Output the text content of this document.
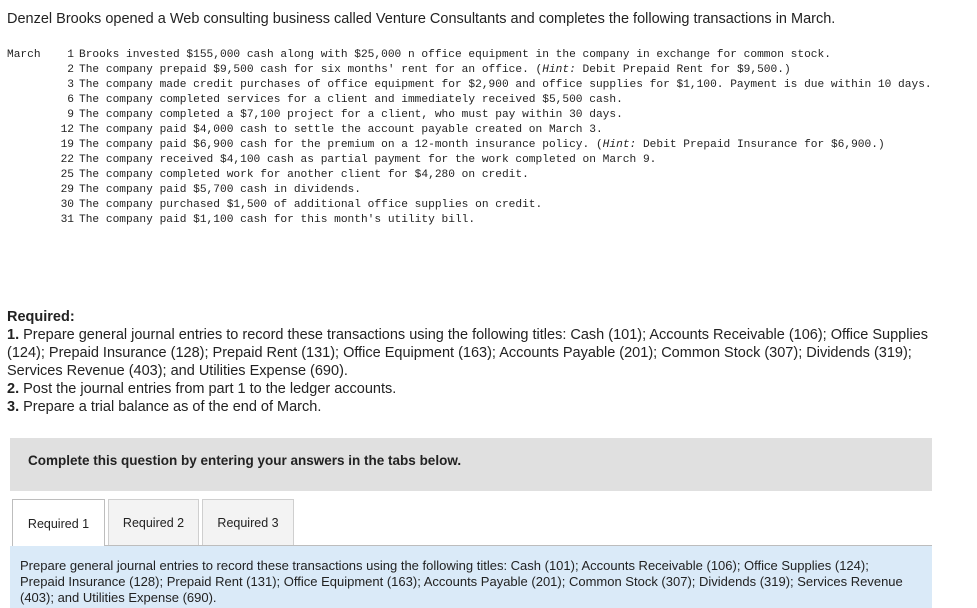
Denzel Brooks opened a Web consulting business called Venture Consultants and completes the following transactions in March.
March	1 Brooks invested $155,000 cash along with $25,000 n office equipment in the company in exchange for common stock.
2 The company prepaid $9,500 cash for six months' rent for an office. (Hint: Debit Prepaid Rent for $9,500.)
3 The company made credit purchases of office equipment for $2,900 and office supplies for $1,100. Payment is due within 10 days.
6 The company completed services for a client and immediately received $5,500 cash.
9 The company completed a $7,100 project for a client, who must pay within 30 days.
12 The company paid $4,000 cash to settle the account payable created on March 3.
19 The company paid $6,900 cash for the premium on a 12-month insurance policy. (Hint: Debit Prepaid Insurance for $6,900.)
22 The company received $4,100 cash as partial payment for the work completed on March 9.
25 The company completed work for another client for $4,280 on credit.
29 The company paid $5,700 cash in dividends.
30 The company purchased $1,500 of additional office supplies on credit.
31 The company paid $1,100 cash for this month's utility bill.

Required:

1. Prepare general journal entries to record these transactions using the following titles: Cash (101); Accounts Receivable (106); Office Supplies (124); Prepaid Insurance (128); Prepaid Rent (131); Office Equipment (163); Accounts Payable (201); Common Stock (307); Dividends (319); Services Revenue (403); and Utilities Expense (690).

2. Post the journal entries from part 1 to the ledger accounts.

3. Prepare a trial balance as of the end of March.

Complete this question by entering your answers in the tabs below.
Required 1	Required 2	Required 3
Prepare general journal entries to record these transactions using the following titles: Cash (101); Accounts Receivable (106); Office Supplies (124); Prepaid Insurance (128); Prepaid Rent (131); Office Equipment (163); Accounts Payable (201); Common Stock (307); Dividends (319); Services Revenue (403); and Utilities Expense (690).
